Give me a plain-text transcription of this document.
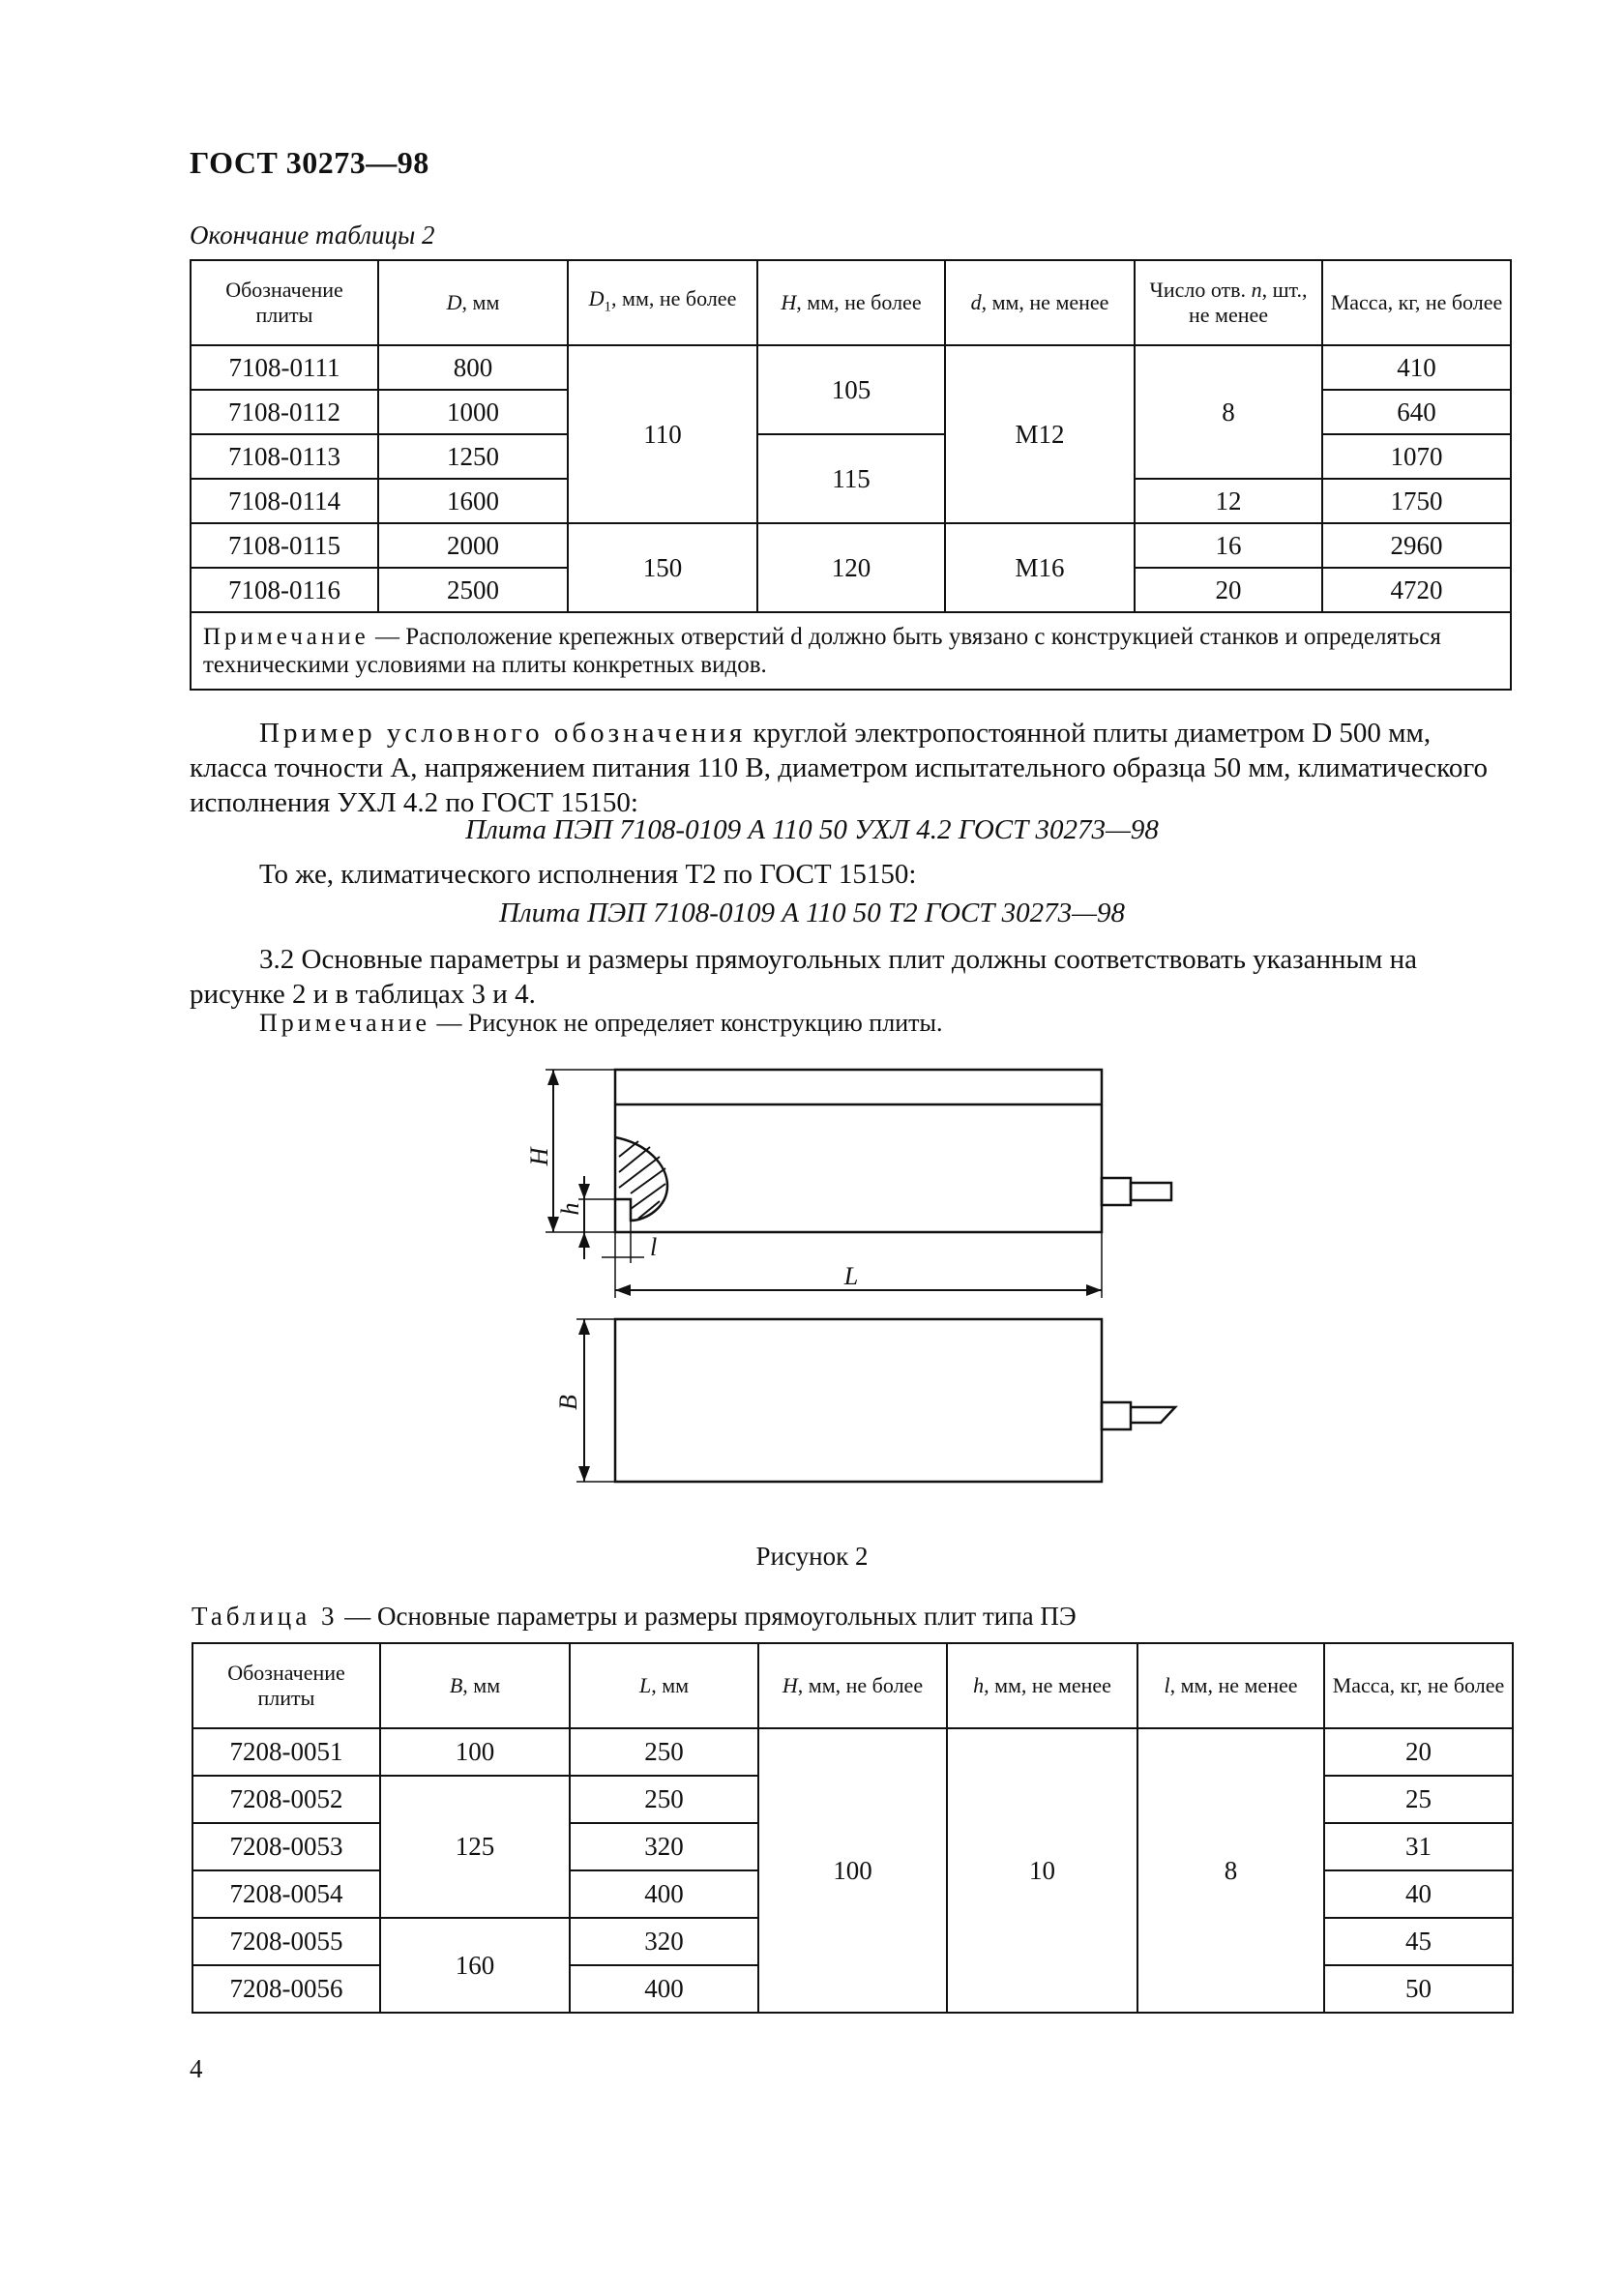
ГОСТ 30273—98
Окончание таблицы 2
Обозначение плиты	D, мм	$D_1$, мм, не более	H, мм, не более	d, мм, не менее	Число отв. n, шт., не менее	Масса, кг, не более
7108-0111	800	110	105	M12	8	410
7108-0112	1000					640
7108-0113	1250		115			1070
7108-0114	1600				12	1750
7108-0115	2000	150	120	M16	16	2960
7108-0116	2500				20	4720
Примечание — Расположение крепежных отверстий d должно быть увязано с конструкцией станков и определяться техническими условиями на плиты конкретных видов.						
Пример условного обозначения круглой электропостоянной плиты диаметром D 500 мм, класса точности А, напряжением питания 110 В, диаметром испытательного образца 50 мм, климатического исполнения УХЛ 4.2 по ГОСТ 15150:
Плита ПЭП 7108-0109 А 110 50 УХЛ 4.2 ГОСТ 30273—98
То же, климатического исполнения Т2 по ГОСТ 15150:
Плита ПЭП 7108-0109 А 110 50 Т2 ГОСТ 30273—98
3.2 Основные параметры и размеры прямоугольных плит должны соответствовать указанным на рисунке 2 и в таблицах 3 и 4.
Примечание — Рисунок не определяет конструкцию плиты.
H
h
l
L
B
Рисунок 2
Таблица 3 — Основные параметры и размеры прямоугольных плит типа ПЭ
Обозначение плиты	B, мм	L, мм	H, мм, не более	h, мм, не менее	l, мм, не менее	Масса, кг, не более
7208-0051	100	250	100	10	8	20
7208-0052	125	250				25
7208-0053		320				31
7208-0054		400				40
7208-0055	160	320				45
7208-0056		400				50
4
